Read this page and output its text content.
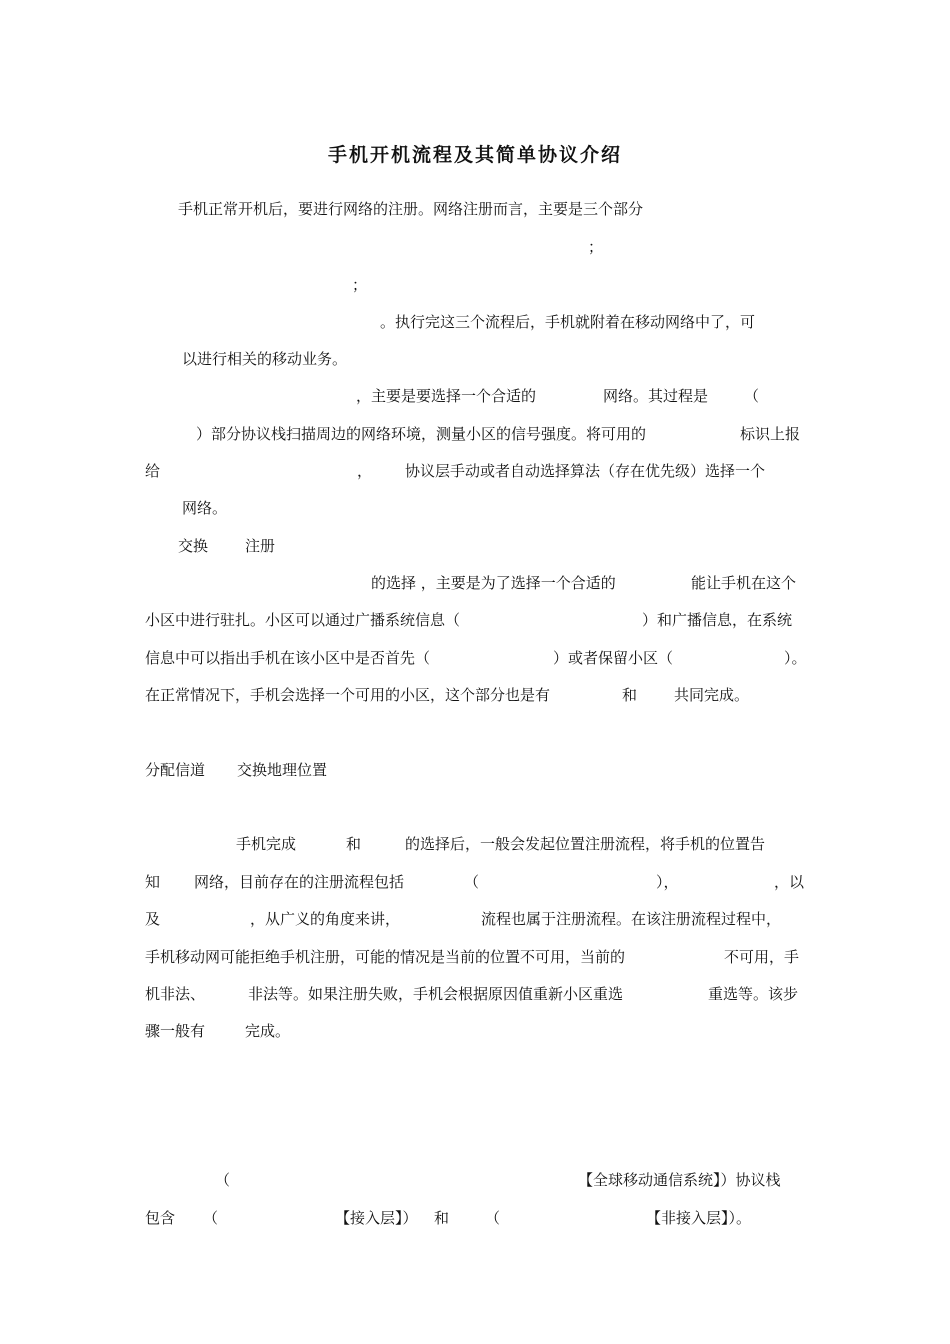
手机开机流程及其简单协议介绍
手机正常开机后，要进行网络的注册。网络注册而言，主要是三个部分
；
；
。执行完这三个流程后，手机就附着在移动网络中了，可
以进行相关的移动业务。
，主要是要选择一个合适的	网络。其过程是 （
）部分协议栈扫描周边的网络环境，测量小区的信号强度。将可用的	标识上报
给	， 协议层手动或者自动选择算法（存在优先级）选择一个
网络。
交换 注册
的选择 ，主要是为了选择一个合适的	能让手机在这个
小区中进行驻扎。小区可以通过广播系统信息（	）和广播信息，在系统
信息中可以指出手机在该小区中是否首先（	）或者保留小区（	）。
在正常情况下，手机会选择一个可用的小区，这个部分也是有	和 共同完成。
分配信道 交换地理位置
手机完成	和	的选择后，一般会发起位置注册流程，将手机的位置告
知 网络，目前存在的注册流程包括	（	），	，以
及	，从广义的角度来讲，	流程也属于注册流程。在该注册流程过程中，
手机移动网可能拒绝手机注册，可能的情况是当前的位置不可用，当前的	不可用，手
机非法、	非法等。如果注册失败，手机会根据原因值重新小区重选	重选等。该步
骤一般有	完成。
（	【全球移动通信系统】）协议栈
包含 （	【接入层】） 和 （	【非接入层】）。
